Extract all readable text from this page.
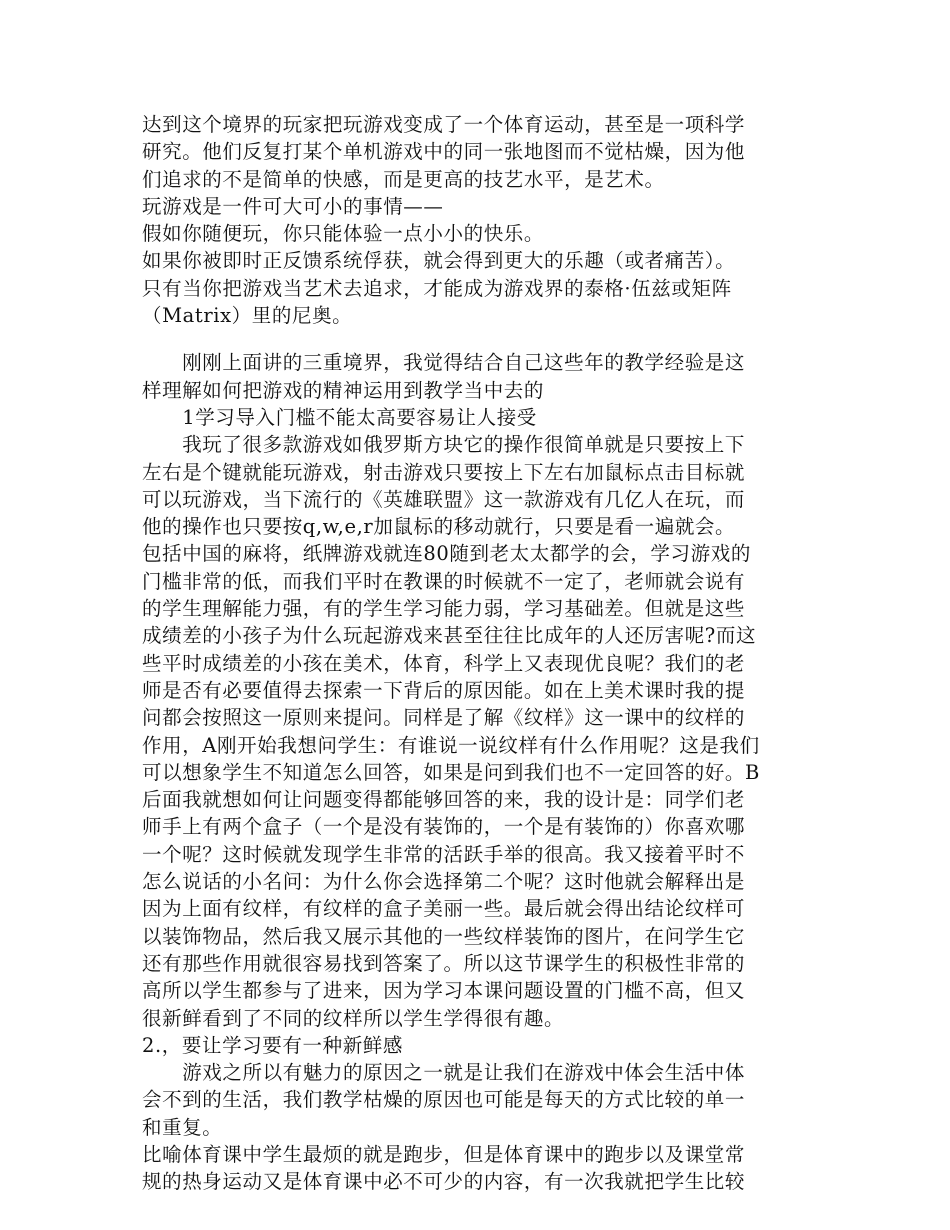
达到这个境界的玩家把玩游戏变成了一个体育运动，甚至是一项科学
研究。他们反复打某个单机游戏中的同一张地图而不觉枯燥，因为他
们追求的不是简单的快感，而是更高的技艺水平，是艺术。
玩游戏是一件可大可小的事情——
假如你随便玩，你只能体验一点小小的快乐。
如果你被即时正反馈系统俘获，就会得到更大的乐趣（或者痛苦）。
只有当你把游戏当艺术去追求，才能成为游戏界的泰格·伍兹或矩阵
（Matrix）里的尼奥。
　　刚刚上面讲的三重境界，我觉得结合自己这些年的教学经验是这
样理解如何把游戏的精神运用到教学当中去的
　　1学习导入门槛不能太高要容易让人接受
　　我玩了很多款游戏如俄罗斯方块它的操作很简单就是只要按上下
左右是个键就能玩游戏，射击游戏只要按上下左右加鼠标点击目标就
可以玩游戏，当下流行的《英雄联盟》这一款游戏有几亿人在玩，而
他的操作也只要按q,w,e,r加鼠标的移动就行，只要是看一遍就会。
包括中国的麻将，纸牌游戏就连80随到老太太都学的会，学习游戏的
门槛非常的低，而我们平时在教课的时候就不一定了，老师就会说有
的学生理解能力强，有的学生学习能力弱，学习基础差。但就是这些
成绩差的小孩子为什么玩起游戏来甚至往往比成年的人还厉害呢?而这
些平时成绩差的小孩在美术，体育，科学上又表现优良呢？我们的老
师是否有必要值得去探索一下背后的原因能。如在上美术课时我的提
问都会按照这一原则来提问。同样是了解《纹样》这一课中的纹样的
作用，A刚开始我想问学生：有谁说一说纹样有什么作用呢？这是我们
可以想象学生不知道怎么回答，如果是问到我们也不一定回答的好。B
后面我就想如何让问题变得都能够回答的来，我的设计是：同学们老
师手上有两个盒子（一个是没有装饰的，一个是有装饰的）你喜欢哪
一个呢？这时候就发现学生非常的活跃手举的很高。我又接着平时不
怎么说话的小名问：为什么你会选择第二个呢？这时他就会解释出是
因为上面有纹样，有纹样的盒子美丽一些。最后就会得出结论纹样可
以装饰物品，然后我又展示其他的一些纹样装饰的图片，在问学生它
还有那些作用就很容易找到答案了。所以这节课学生的积极性非常的
高所以学生都参与了进来，因为学习本课问题设置的门槛不高，但又
很新鲜看到了不同的纹样所以学生学得很有趣。
2.，要让学习要有一种新鲜感
　　游戏之所以有魅力的原因之一就是让我们在游戏中体会生活中体
会不到的生活，我们教学枯燥的原因也可能是每天的方式比较的单一
和重复。
比喻体育课中学生最烦的就是跑步，但是体育课中的跑步以及课堂常
规的热身运动又是体育课中必不可少的内容，有一次我就把学生比较
